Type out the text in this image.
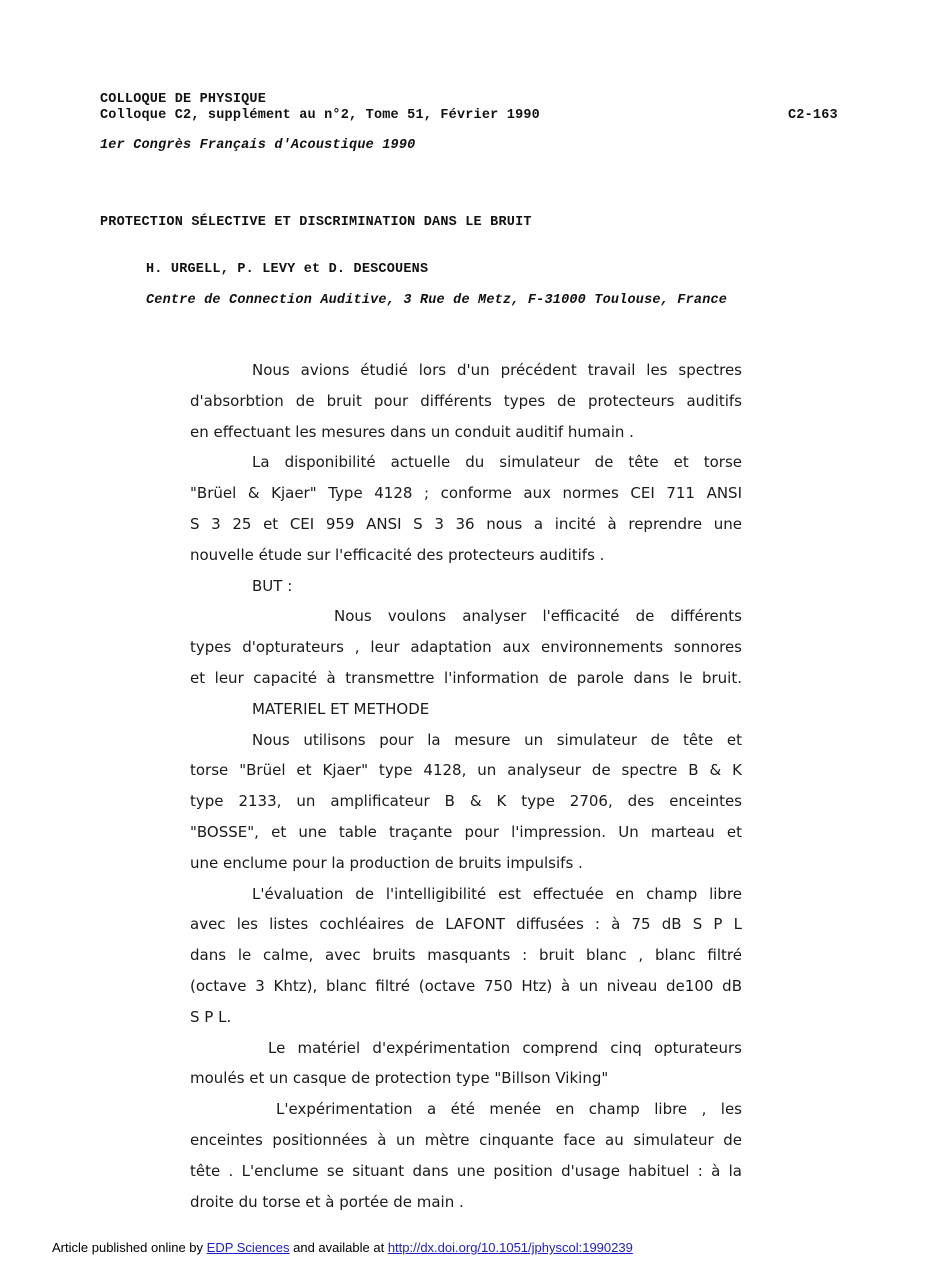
COLLOQUE DE PHYSIQUE
Colloque C2, supplément au n°2, Tome 51, Février 1990	C2-163
1er Congrès Français d'Acoustique 1990
PROTECTION SÉLECTIVE ET DISCRIMINATION DANS LE BRUIT
H. URGELL, P. LEVY et D. DESCOUENS
Centre de Connection Auditive, 3 Rue de Metz, F-31000 Toulouse, France
Nous avions étudié lors d'un précédent travail les spectres
d'absorbtion de bruit pour différents types de protecteurs auditifs
en effectuant les mesures dans un conduit auditif humain .
La disponibilité actuelle du simulateur de tête et torse
"Brüel & Kjaer" Type 4128 ; conforme aux normes CEI 711 ANSI
S 3 25 et CEI 959 ANSI S 3 36 nous a incité à reprendre une
nouvelle étude sur l'efficacité des protecteurs auditifs .
BUT :
Nous voulons analyser l'efficacité de différents
types d'opturateurs , leur adaptation aux environnements sonnores
et leur capacité à transmettre l'information de parole dans le bruit.
MATERIEL ET METHODE
Nous utilisons pour la mesure un simulateur de tête et
torse "Brüel et Kjaer" type 4128, un analyseur de spectre B & K
type 2133, un amplificateur B & K type 2706, des enceintes
"BOSSE", et une table traçante pour l'impression. Un marteau et
une enclume pour la production de bruits impulsifs .
L'évaluation de l'intelligibilité est effectuée en champ libre
avec les listes cochléaires de LAFONT diffusées : à 75 dB S P L
dans le calme, avec bruits masquants : bruit blanc , blanc filtré
(octave 3 Khtz), blanc filtré (octave 750 Htz) à un niveau de100 dB
S P L.
Le matériel d'expérimentation comprend cinq opturateurs
moulés et un casque de protection type "Billson Viking"
L'expérimentation a été menée en champ libre , les
enceintes positionnées à un mètre cinquante face au simulateur de
tête . L'enclume se situant dans une position d'usage habituel : à la
droite du torse et à portée de main .
Article published online by EDP Sciences and available at http://dx.doi.org/10.1051/jphyscol:1990239
